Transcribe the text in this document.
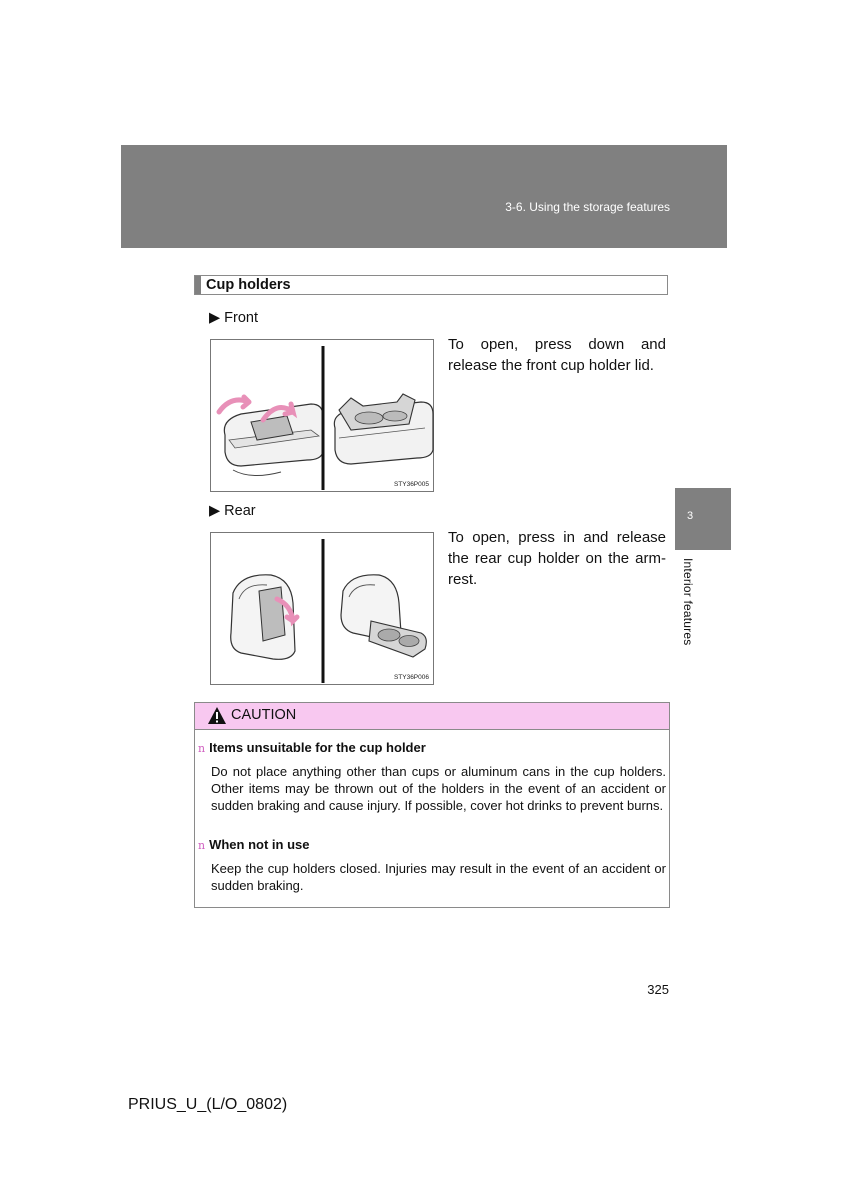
3-6. Using the storage features
3
Interior features
Cup holders
▶ Front
STY36P005
To open, press down and release the front cup holder lid.
▶ Rear
STY36P006
To open, press in and release the rear cup holder on the arm-rest.
CAUTION
n Items unsuitable for the cup holder
Do not place anything other than cups or aluminum cans in the cup holders. Other items may be thrown out of the holders in the event of an accident or sudden braking and cause injury. If possible, cover hot drinks to prevent burns.
n When not in use
Keep the cup holders closed. Injuries may result in the event of an accident or sudden braking.
325
PRIUS_U_(L/O_0802)
